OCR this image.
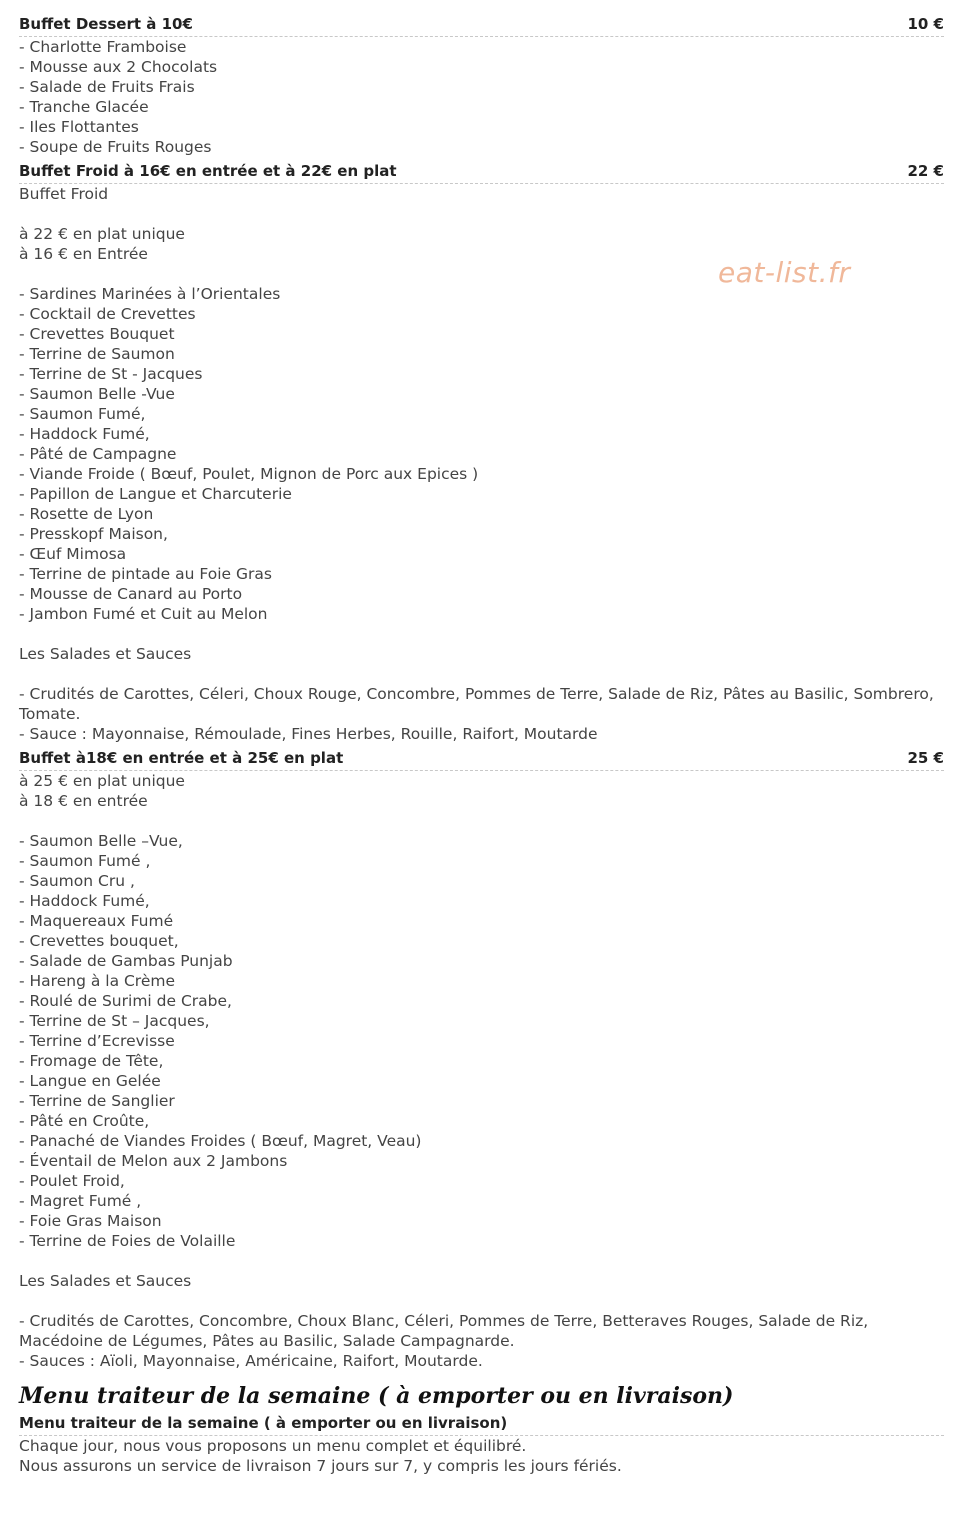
eat-list.fr
Buffet Dessert à 10€	10 €
- Charlotte Framboise
- Mousse aux 2 Chocolats
- Salade de Fruits Frais
- Tranche Glacée
- Iles Flottantes
- Soupe de Fruits Rouges
Buffet Froid à 16€ en entrée et à 22€ en plat	22 €
Buffet Froid
à 22 € en plat unique
à 16 € en Entrée
- Sardines Marinées à l’Orientales
- Cocktail de Crevettes
- Crevettes Bouquet
- Terrine de Saumon
- Terrine de St - Jacques
- Saumon Belle -Vue
- Saumon Fumé,
- Haddock Fumé,
- Pâté de Campagne
- Viande Froide ( Bœuf, Poulet, Mignon de Porc aux Epices )
- Papillon de Langue et Charcuterie
- Rosette de Lyon
- Presskopf Maison,
- Œuf Mimosa
- Terrine de pintade au Foie Gras
- Mousse de Canard au Porto
- Jambon Fumé et Cuit au Melon
Les Salades et Sauces
- Crudités de Carottes, Céleri, Choux Rouge, Concombre, Pommes de Terre, Salade de Riz, Pâtes au Basilic, Sombrero, Tomate.
- Sauce : Mayonnaise, Rémoulade, Fines Herbes, Rouille, Raifort, Moutarde
Buffet à18€ en entrée et à 25€ en plat	25 €
à 25 € en plat unique
à 18 € en entrée
- Saumon Belle –Vue,
- Saumon Fumé ,
- Saumon Cru ,
- Haddock Fumé,
- Maquereaux Fumé
- Crevettes bouquet,
- Salade de Gambas Punjab
- Hareng à la Crème
- Roulé de Surimi de Crabe,
- Terrine de St – Jacques,
- Terrine d’Ecrevisse
- Fromage de Tête,
- Langue en Gelée
- Terrine de Sanglier
- Pâté en Croûte,
- Panaché de Viandes Froides ( Bœuf, Magret, Veau)
- Éventail de Melon aux 2 Jambons
- Poulet Froid,
- Magret Fumé ,
- Foie Gras Maison
- Terrine de Foies de Volaille
Les Salades et Sauces
- Crudités de Carottes, Concombre, Choux Blanc, Céleri, Pommes de Terre, Betteraves Rouges, Salade de Riz, Macédoine de Légumes, Pâtes au Basilic, Salade Campagnarde.
- Sauces : Aïoli, Mayonnaise, Américaine, Raifort, Moutarde.
Menu traiteur de la semaine ( à emporter ou en livraison)
Menu traiteur de la semaine ( à emporter ou en livraison)
Chaque jour, nous vous proposons un menu complet et équilibré.
Nous assurons un service de livraison 7 jours sur 7, y compris les jours fériés.
